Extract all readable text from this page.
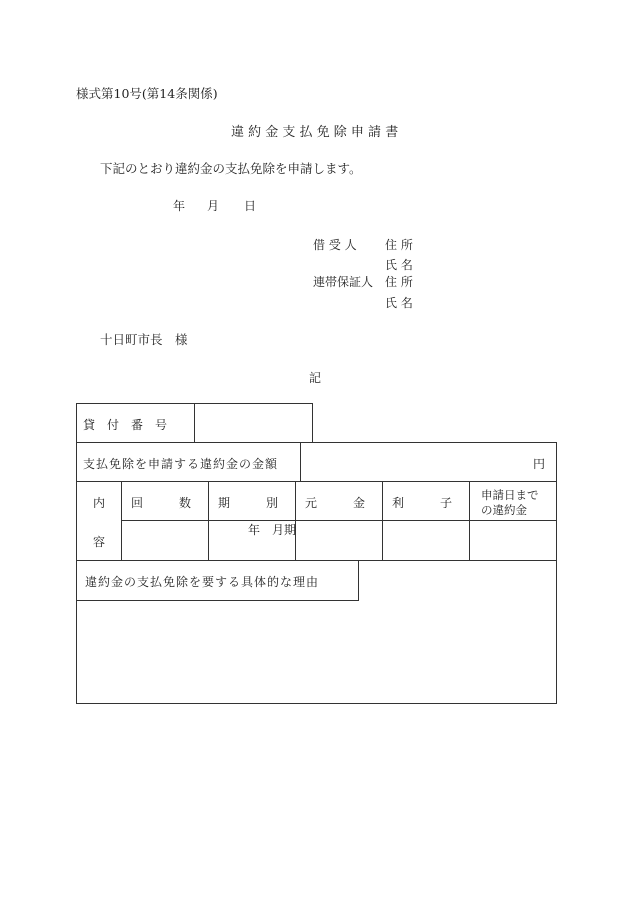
様式第10号(第14条関係)
違 約 金 支 払 免 除 申 請 書
下記のとおり違約金の支払免除を申請します。
年 月 日
借 受 人 住 所
氏 名
連帯保証人 住 所
氏 名
十日町市長　様
記
貸　付　番　号
支払免除を申請する違約金の金額	円
内
容
回　　　数 期　　　別 元　　　金 利　　　子
申請日まで
の違約金
年　月期
違約金の支払免除を要する具体的な理由
